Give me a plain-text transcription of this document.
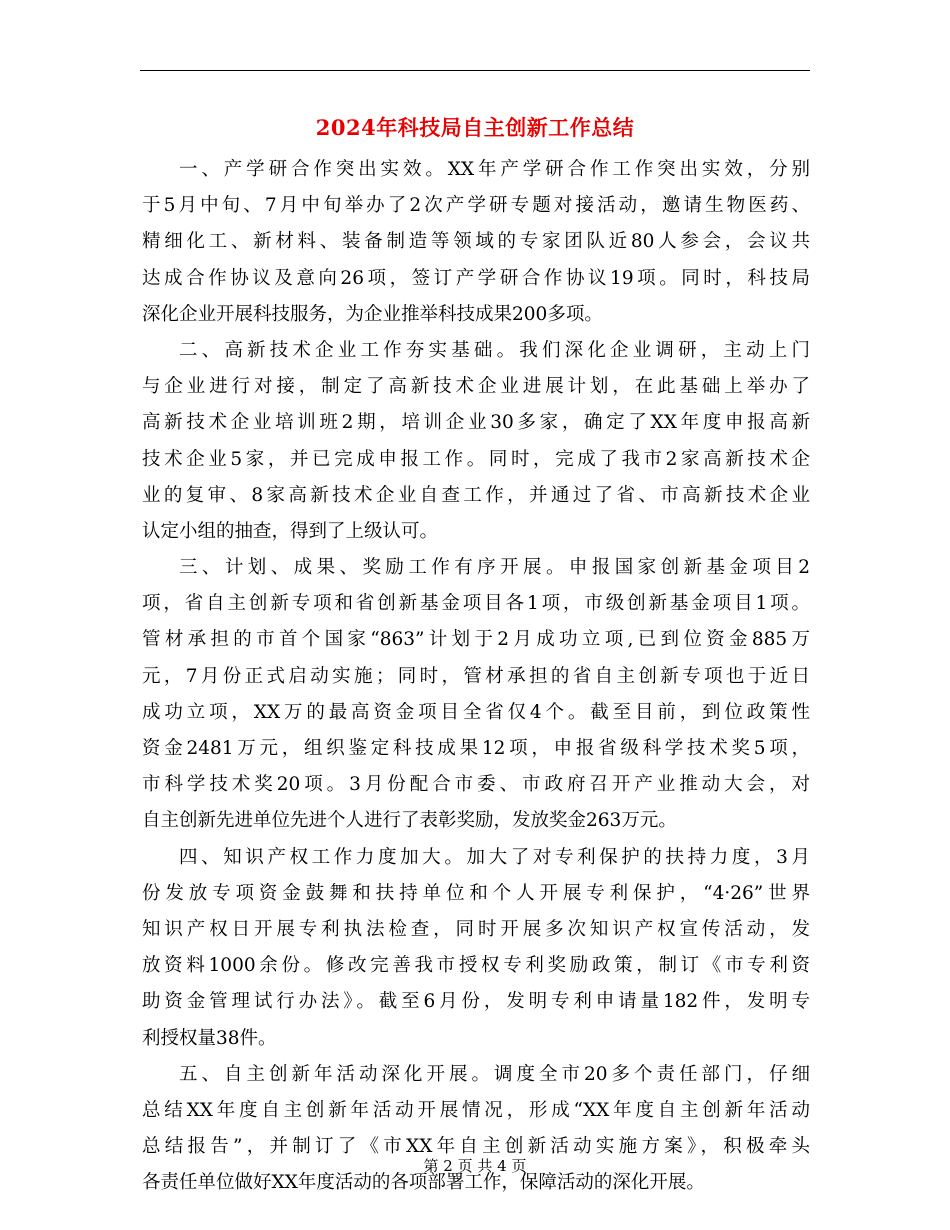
2024年科技局自主创新工作总结
一、产学研合作突出实效。XX年产学研合作工作突出实效，分别
于5月中旬、7月中旬举办了2次产学研专题对接活动，邀请生物医药、
精细化工、新材料、装备制造等领域的专家团队近80人参会，会议共
达成合作协议及意向26项，签订产学研合作协议19项。同时，科技局
深化企业开展科技服务，为企业推举科技成果200多项。
二、高新技术企业工作夯实基础。我们深化企业调研，主动上门
与企业进行对接，制定了高新技术企业进展计划，在此基础上举办了
高新技术企业培训班2期，培训企业30多家，确定了XX年度申报高新
技术企业5家，并已完成申报工作。同时，完成了我市2家高新技术企
业的复审、8家高新技术企业自查工作，并通过了省、市高新技术企业
认定小组的抽查，得到了上级认可。
三、计划、成果、奖励工作有序开展。申报国家创新基金项目2
项，省自主创新专项和省创新基金项目各1项，市级创新基金项目1项。
管材承担的市首个国家“863”计划于2月成功立项,已到位资金885万
元，7月份正式启动实施；同时，管材承担的省自主创新专项也于近日
成功立项，XX万的最高资金项目全省仅4个。截至目前，到位政策性
资金2481万元，组织鉴定科技成果12项，申报省级科学技术奖5项，
市科学技术奖20项。3月份配合市委、市政府召开产业推动大会，对
自主创新先进单位先进个人进行了表彰奖励，发放奖金263万元。
四、知识产权工作力度加大。加大了对专利保护的扶持力度，3月
份发放专项资金鼓舞和扶持单位和个人开展专利保护，“4·26”世界
知识产权日开展专利执法检查，同时开展多次知识产权宣传活动，发
放资料1000余份。修改完善我市授权专利奖励政策，制订《市专利资
助资金管理试行办法》。截至6月份，发明专利申请量182件，发明专
利授权量38件。
五、自主创新年活动深化开展。调度全市20多个责任部门，仔细
总结XX年度自主创新年活动开展情况，形成“XX年度自主创新年活动
总结报告”，并制订了《市XX年自主创新活动实施方案》，积极牵头
各责任单位做好XX年度活动的各项部署工作，保障活动的深化开展。
第 2 页 共 4 页
